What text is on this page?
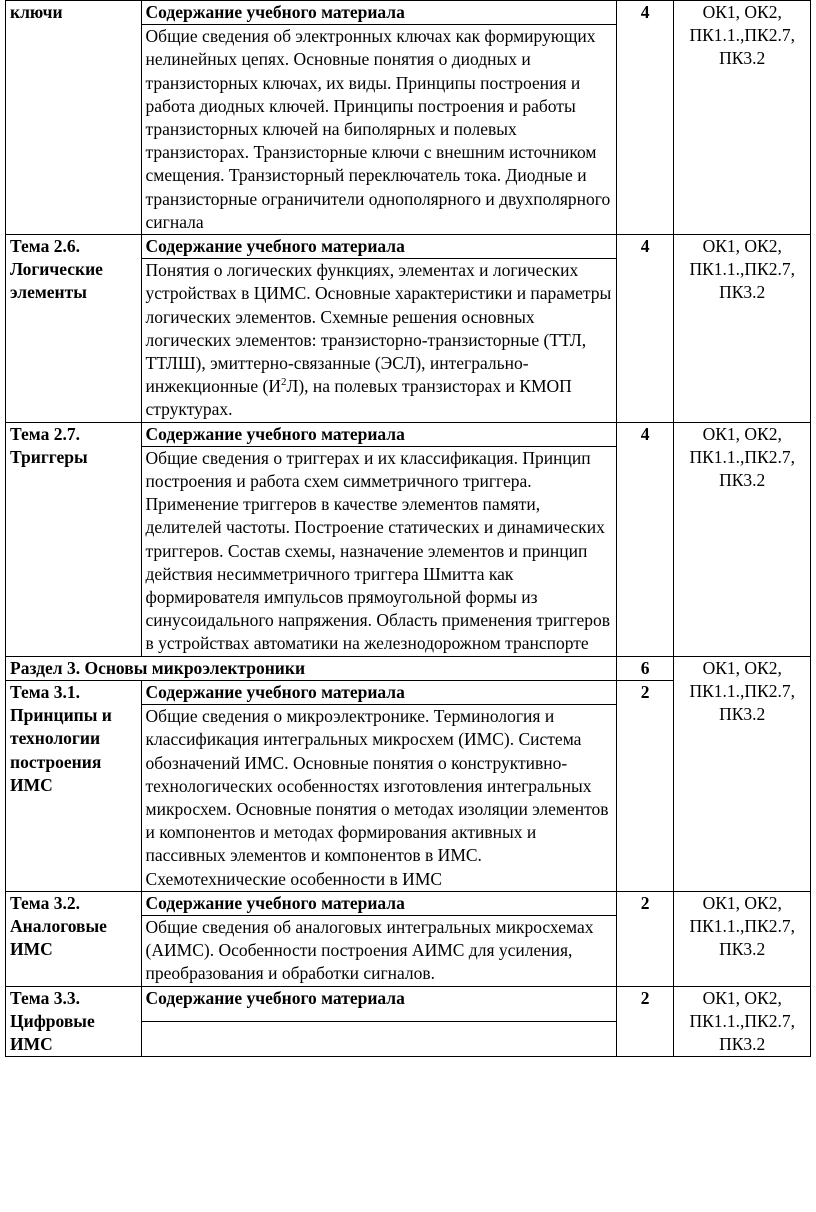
ключи	Содержание учебного материала	4	ОК1, ОК2, ПК1.1.,ПК2.7, ПК3.2
	Общие сведения об электронных ключах как формирующих нелинейных цепях. Основные понятия о диодных и транзисторных ключах, их виды. Принципы построения и работа диодных ключей. Принципы построения и работы транзисторных ключей на биполярных и полевых транзисторах. Транзисторные ключи с внешним источником смещения. Транзисторный переключатель тока. Диодные и транзисторные ограничители однополярного и двухполярного сигнала		
Тема 2.6. Логические элементы	Содержание учебного материала	4	ОК1, ОК2, ПК1.1.,ПК2.7, ПК3.2
	Понятия о логических функциях, элементах и логических устройствах в ЦИМС. Основные характеристики и параметры логических элементов. Схемные решения основных логических элементов: транзисторно-транзисторные (ТТЛ, ТТЛШ), эмиттерно-связанные (ЭСЛ), интегрально-инжекционные $(И^2Л)$, на полевых транзисторах и КМОП структурах.		
Тема 2.7. Триггеры	Содержание учебного материала	4	ОК1, ОК2, ПК1.1.,ПК2.7, ПК3.2
	Общие сведения о триггерах и их классификация. Принцип построения и работа схем симметричного триггера. Применение триггеров в качестве элементов памяти, делителей частоты. Построение статических и динамических триггеров. Состав схемы, назначение элементов и принцип действия несимметричного триггера Шмитта как формирователя импульсов прямоугольной формы из синусоидального напряжения. Область применения триггеров в устройствах автоматики на железнодорожном транспорте		
Раздел 3. Основы микроэлектроники		6	ОК1, ОК2, ПК1.1.,ПК2.7, ПК3.2
Тема 3.1. Принципы и технологии построения ИМС	Содержание учебного материала	2	
	Общие сведения о микроэлектронике. Терминология и классификация интегральных микросхем (ИМС). Система обозначений ИМС. Основные понятия о конструктивно-технологических особенностях изготовления интегральных микросхем. Основные понятия о методах изоляции элементов и компонентов и методах формирования активных и пассивных элементов и компонентов в ИМС. Схемотехнические особенности в ИМС		
Тема 3.2. Аналоговые ИМС	Содержание учебного материала	2	ОК1, ОК2, ПК1.1.,ПК2.7, ПК3.2
	Общие сведения об аналоговых интегральных микросхемах (АИМС). Особенности построения АИМС для усиления, преобразования и обработки сигналов.		
Тема 3.3. Цифровые ИМС	Содержание учебного материала	2	ОК1, ОК2, ПК1.1.,ПК2.7, ПК3.2
